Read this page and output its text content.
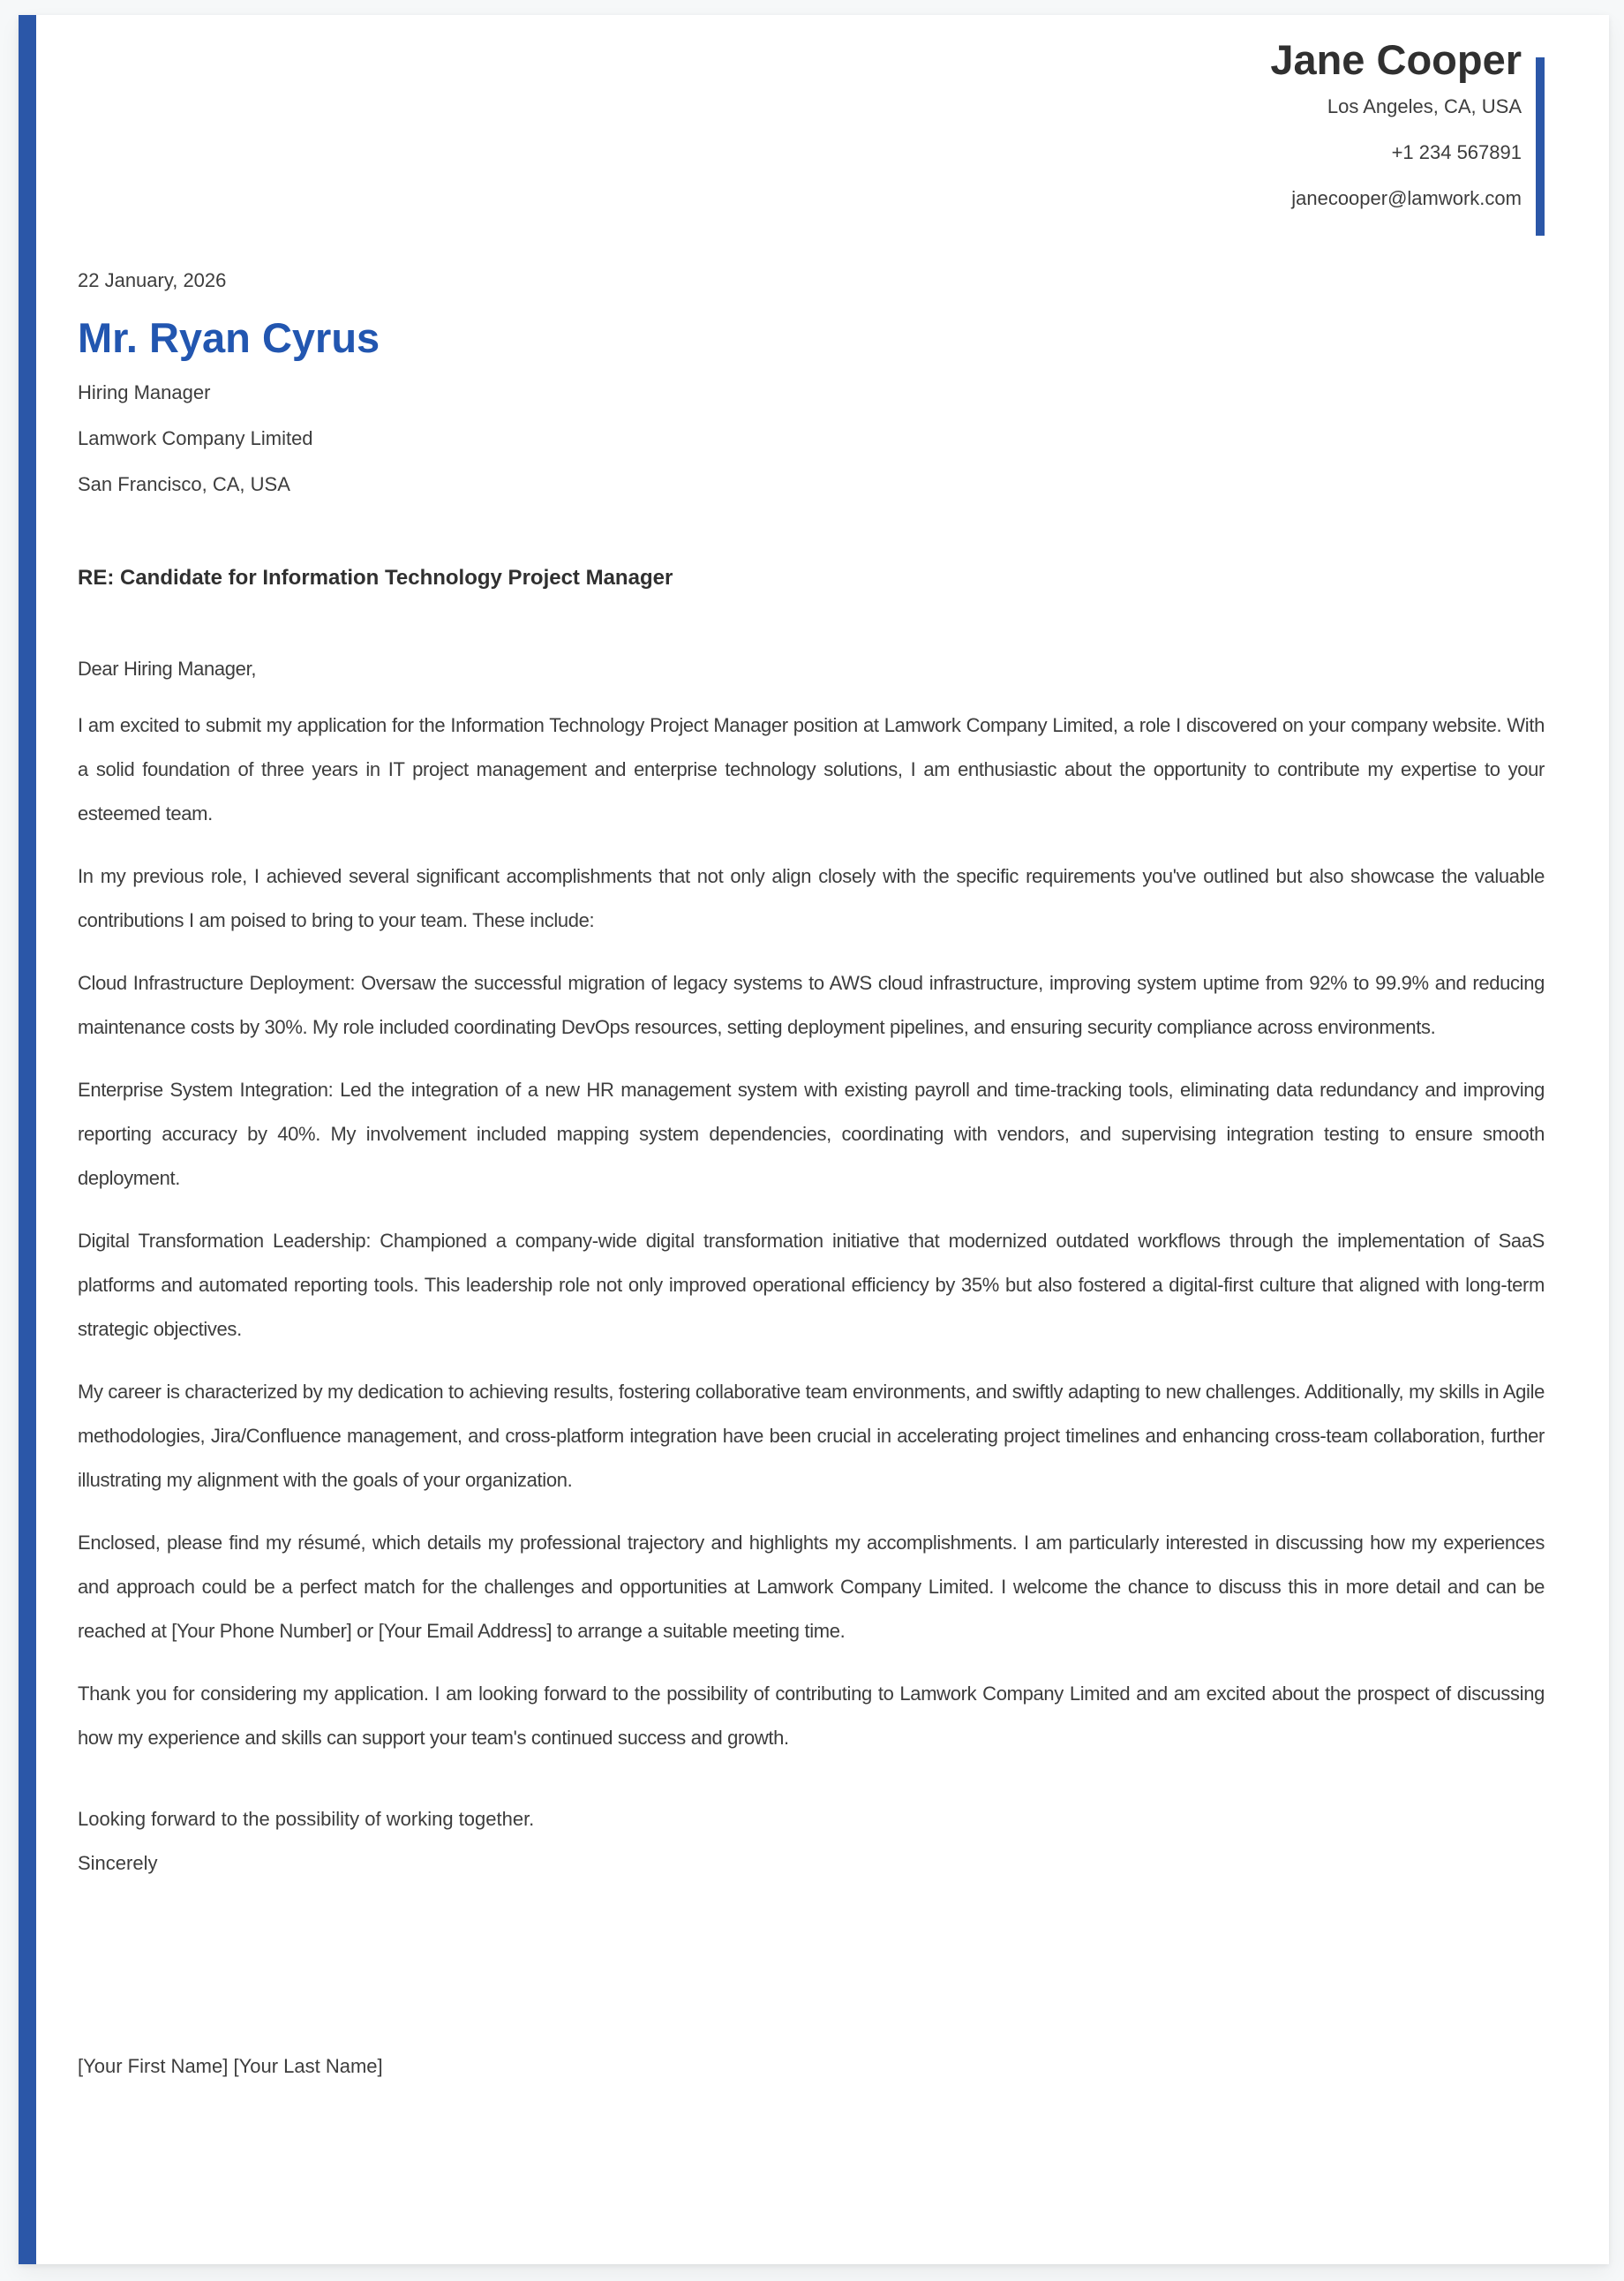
Jane Cooper

Los Angeles, CA, USA

+1 234 567891

janecooper@lamwork.com

22 January, 2026

Mr. Ryan Cyrus

Hiring Manager

Lamwork Company Limited

San Francisco, CA, USA

RE: Candidate for Information Technology Project Manager

Dear Hiring Manager,

I am excited to submit my application for the Information Technology Project Manager position at Lamwork Company Limited, a role I discovered on your company website. With a solid foundation of three years in IT project management and enterprise technology solutions, I am enthusiastic about the opportunity to contribute my expertise to your esteemed team.

In my previous role, I achieved several significant accomplishments that not only align closely with the specific requirements you've outlined but also showcase the valuable contributions I am poised to bring to your team. These include:

Cloud Infrastructure Deployment: Oversaw the successful migration of legacy systems to AWS cloud infrastructure, improving system uptime from 92% to 99.9% and reducing maintenance costs by 30%. My role included coordinating DevOps resources, setting deployment pipelines, and ensuring security compliance across environments.

Enterprise System Integration: Led the integration of a new HR management system with existing payroll and time-tracking tools, eliminating data redundancy and improving reporting accuracy by 40%. My involvement included mapping system dependencies, coordinating with vendors, and supervising integration testing to ensure smooth deployment.

Digital Transformation Leadership: Championed a company-wide digital transformation initiative that modernized outdated workflows through the implementation of SaaS platforms and automated reporting tools. This leadership role not only improved operational efficiency by 35% but also fostered a digital-first culture that aligned with long-term strategic objectives.

My career is characterized by my dedication to achieving results, fostering collaborative team environments, and swiftly adapting to new challenges. Additionally, my skills in Agile methodologies, Jira/Confluence management, and cross-platform integration have been crucial in accelerating project timelines and enhancing cross-team collaboration, further illustrating my alignment with the goals of your organization.

Enclosed, please find my résumé, which details my professional trajectory and highlights my accomplishments. I am particularly interested in discussing how my experiences and approach could be a perfect match for the challenges and opportunities at Lamwork Company Limited. I welcome the chance to discuss this in more detail and can be reached at [Your Phone Number] or [Your Email Address] to arrange a suitable meeting time.

Thank you for considering my application. I am looking forward to the possibility of contributing to Lamwork Company Limited and am excited about the prospect of discussing how my experience and skills can support your team's continued success and growth.

Looking forward to the possibility of working together.

Sincerely

[Your First Name] [Your Last Name]
